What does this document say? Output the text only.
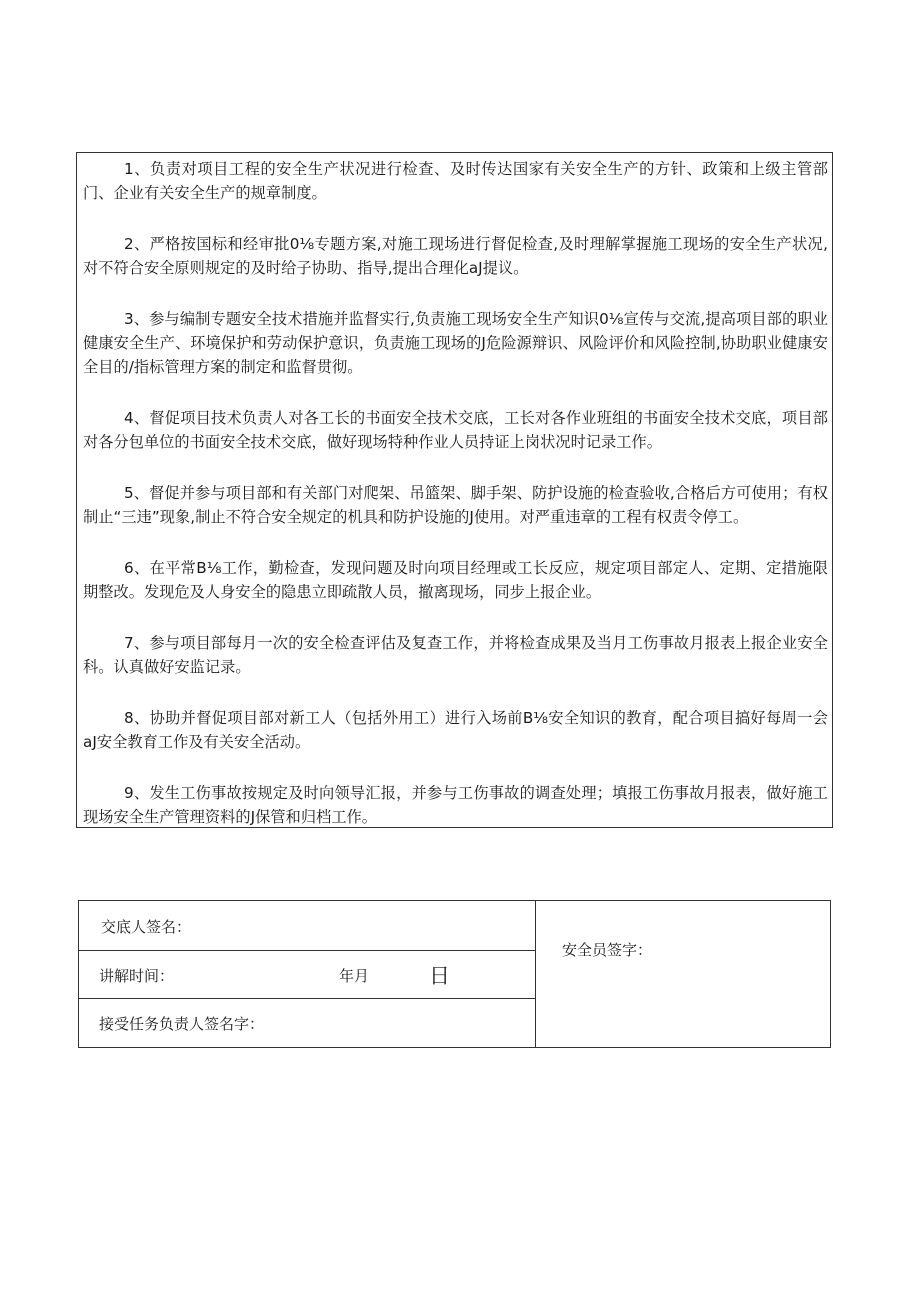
1、负责对项目工程的安全生产状况进行检查、及时传达国家有关安全生产的方针、政策和上级主管部门、企业有关安全生产的规章制度。

2、严格按国标和经审批0⅛专题方案,对施工现场进行督促检查,及时理解掌握施工现场的安全生产状况,对不符合安全原则规定的及时给子协助、指导,提出合理化aJ提议。

3、参与编制专题安全技术措施并监督实行,负责施工现场安全生产知识0⅛宣传与交流,提高项目部的职业健康安全生产、环境保护和劳动保护意识，负责施工现场的J危险源辩识、风险评价和风险控制,协助职业健康安全目的/指标管理方案的制定和监督贯彻。

4、督促项目技术负责人对各工长的书面安全技术交底，工长对各作业班组的书面安全技术交底，项目部对各分包单位的书面安全技术交底，做好现场特种作业人员持证上岗状况时记录工作。

5、督促并参与项目部和有关部门对爬架、吊篮架、脚手架、防护设施的检查验收,合格后方可使用；有权制止“三违”现象,制止不符合安全规定的机具和防护设施的J使用。对严重违章的工程有权责令停工。

6、在平常B⅛工作，勤检查，发现问题及时向项目经理或工长反应，规定项目部定人、定期、定措施限期整改。发现危及人身安全的隐患立即疏散人员，撤离现场，同步上报企业。

7、参与项目部每月一次的安全检查评估及复查工作，并将检查成果及当月工伤事故月报表上报企业安全科。认真做好安监记录。

8、协助并督促项目部对新工人（包括外用工）进行入场前B⅛安全知识的教育，配合项目搞好每周一会aJ安全教育工作及有关安全活动。

9、发生工伤事故按规定及时向领导汇报，并参与工伤事故的调查处理；填报工伤事故月报表，做好施工现场安全生产管理资料的J保管和归档工作。

交底人签名：
讲解时间：	年月	日
接受任务负责人签名字：
安全员签字：
